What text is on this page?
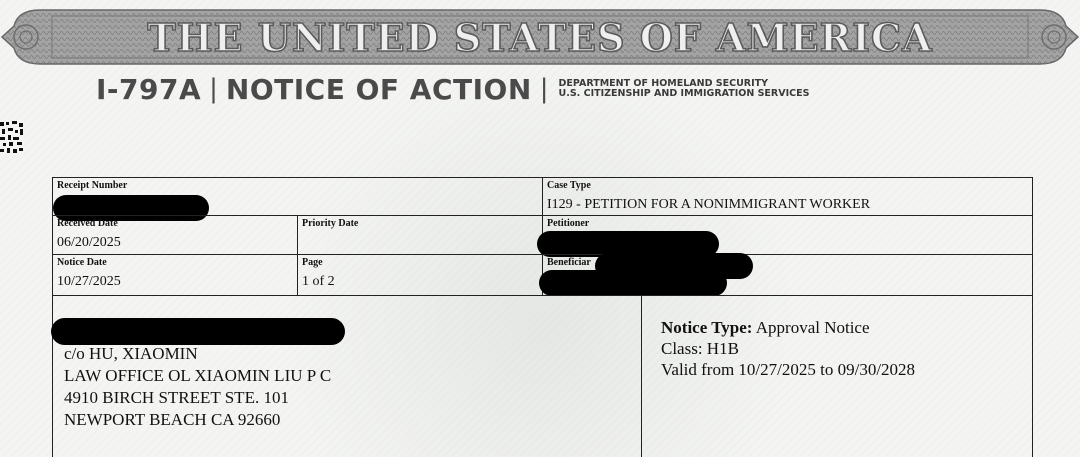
THE UNITED STATES OF AMERICA
I-797A | NOTICE OF ACTION | DEPARTMENT OF HOMELAND SECURITY
U.S. CITIZENSHIP AND IMMIGRATION SERVICES
Receipt Number	Case Type
I129 - PETITION FOR A NONIMMIGRANT WORKER
Received Date
06/20/2025
Priority Date	Petitioner
Notice Date
10/27/2025
Page
1 of 2
Beneficiar
c/o HU, XIAOMIN
LAW OFFICE OL XIAOMIN LIU P C
4910 BIRCH STREET STE. 101
NEWPORT BEACH CA 92660
Notice Type: Approval Notice
Class: H1B
Valid from 10/27/2025 to 09/30/2028
